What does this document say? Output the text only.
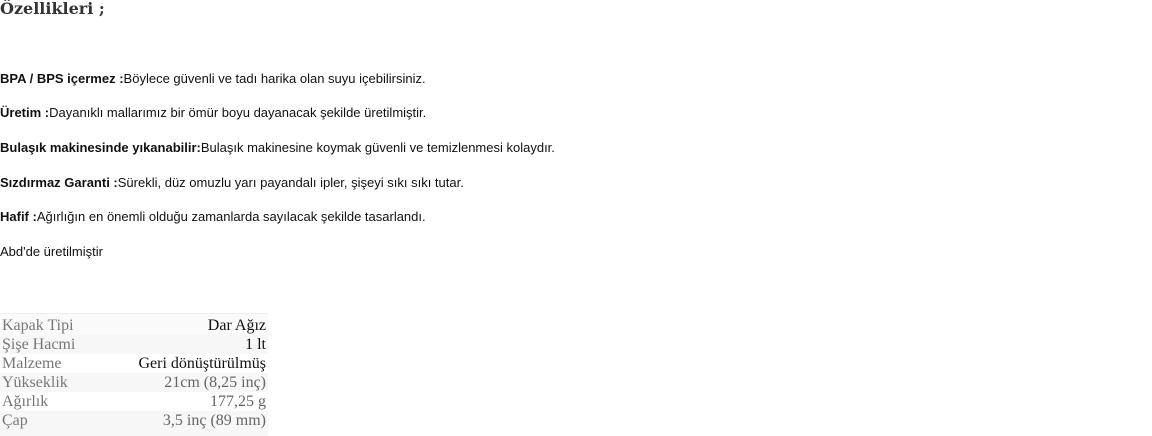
Özellikleri ;

BPA / BPS içermez :Böylece güvenli ve tadı harika olan suyu içebilirsiniz.

Üretim :Dayanıklı mallarımız bir ömür boyu dayanacak şekilde üretilmiştir.

Bulaşık makinesinde yıkanabilir:Bulaşık makinesine koymak güvenli ve temizlenmesi kolaydır.

Sızdırmaz Garanti :Sürekli, düz omuzlu yarı payandalı ipler, şişeyi sıkı sıkı tutar.

Hafif :Ağırlığın en önemli olduğu zamanlarda sayılacak şekilde tasarlandı.

Abd'de üretilmiştir

Kapak Tipi	Dar Ağız
Şişe Hacmi	1 lt
Malzeme	Geri dönüştürülmüş
Yükseklik	21cm (8,25 inç)
Ağırlık	177,25 g
Çap	3,5 inç (89 mm)
